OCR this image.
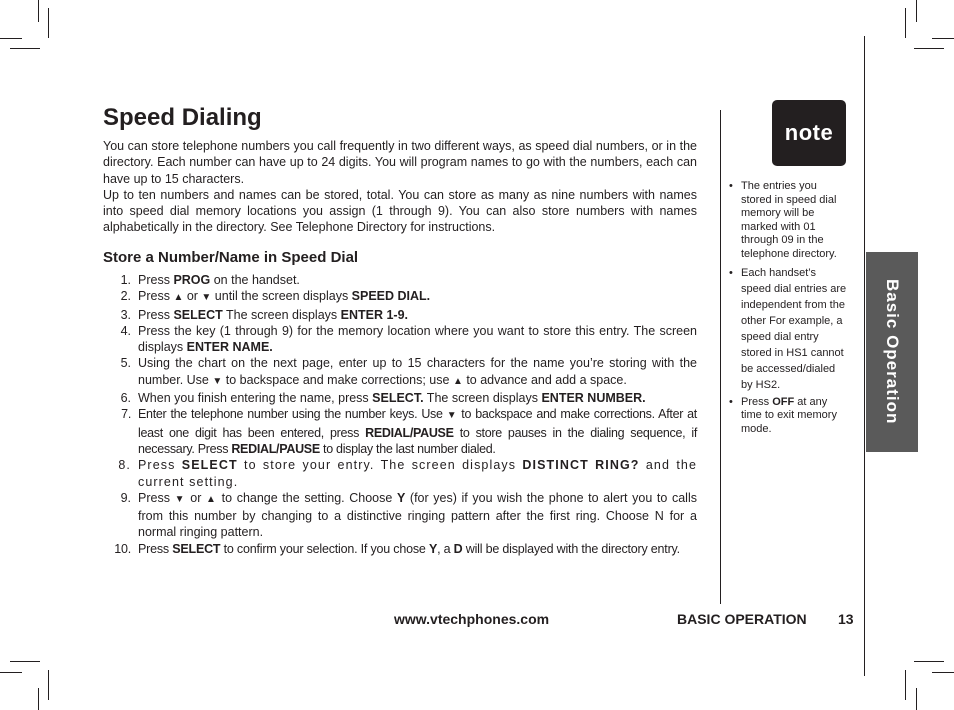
Basic Operation
Speed Dialing

You can store telephone numbers you call frequently in two different ways, as speed dial numbers, or in the directory. Each number can have up to 24 digits. You will program names to go with the numbers, each can have up to 15 characters.

Up to ten numbers and names can be stored, total. You can store as many as nine numbers with names into speed dial memory locations you assign (1 through 9). You can also store numbers with names alphabetically in the directory. See Telephone Directory for instructions.

Store a Number/Name in Speed Dial
1. Press PROG on the handset.
2. Press ▲ or ▼ until the screen displays SPEED DIAL.
3. Press SELECT The screen displays ENTER 1-9.
4. Press the key (1 through 9) for the memory location where you want to store this entry. The screen displays ENTER NAME.
5. Using the chart on the next page, enter up to 15 characters for the name you’re storing with the number. Use ▼ to backspace and make corrections; use ▲ to advance and add a space.
6. When you finish entering the name, press SELECT. The screen displays ENTER NUMBER.
7. Enter the telephone number using the number keys. Use ▼ to backspace and make corrections. After at least one digit has been entered, press REDIAL/PAUSE to store pauses in the dialing sequence, if necessary. Press REDIAL/PAUSE to display the last number dialed.
8. Press SELECT to store your entry. The screen displays DISTINCT RING? and the current setting.
9. Press ▼ or ▲ to change the setting. Choose Y (for yes) if you wish the phone to alert you to calls from this number by changing to a distinctive ringing pattern after the first ring. Choose N for a normal ringing pattern.
10. Press SELECT to confirm your selection. If you chose Y, a D will be displayed with the directory entry.
note
• The entries you stored in speed dial memory will be marked with 01 through 09 in the telephone directory.
• Each handset’s speed dial entries are independent from the other For example, a speed dial entry stored in HS1 cannot be accessed/dialed by HS2.
• Press OFF at any time to exit memory mode.
www.vtechphones.com	BASIC OPERATION 13
